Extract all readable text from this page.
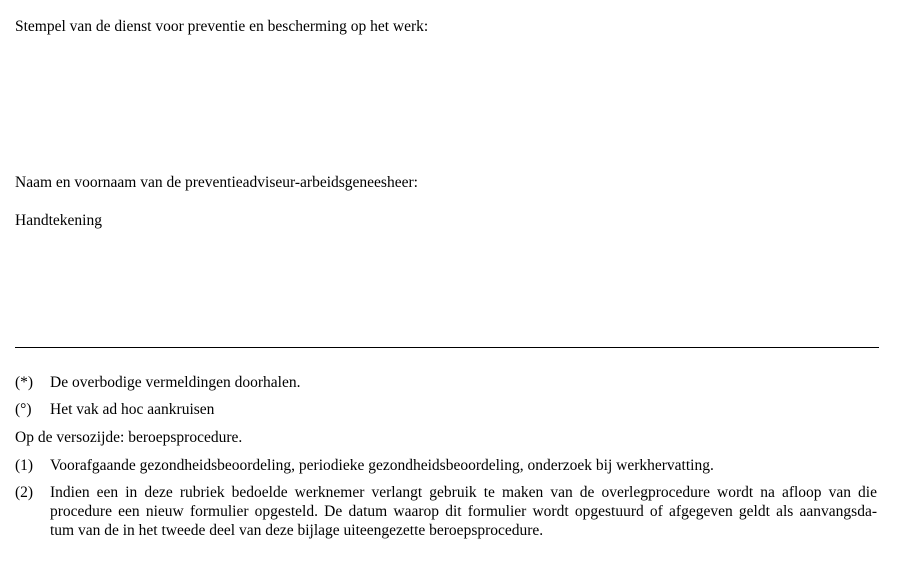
Stempel van de dienst voor preventie en bescherming op het werk:
Naam en voornaam van de preventieadviseur-arbeidsgeneesheer:
Handtekening
(*)	De overbodige vermeldingen doorhalen.
(°)	Het vak ad hoc aankruisen
Op de versozijde: beroepsprocedure.
(1)	Voorafgaande gezondheidsbeoordeling, periodieke gezondheidsbeoordeling, onderzoek bij werkhervatting.
(2)	Indien een in deze rubriek bedoelde werknemer verlangt gebruik te maken van de overlegprocedure wordt na afloop van die
procedure een nieuw formulier opgesteld. De datum waarop dit formulier wordt opgestuurd of afgegeven geldt als aanvangsda-
tum van de in het tweede deel van deze bijlage uiteengezette beroepsprocedure.
